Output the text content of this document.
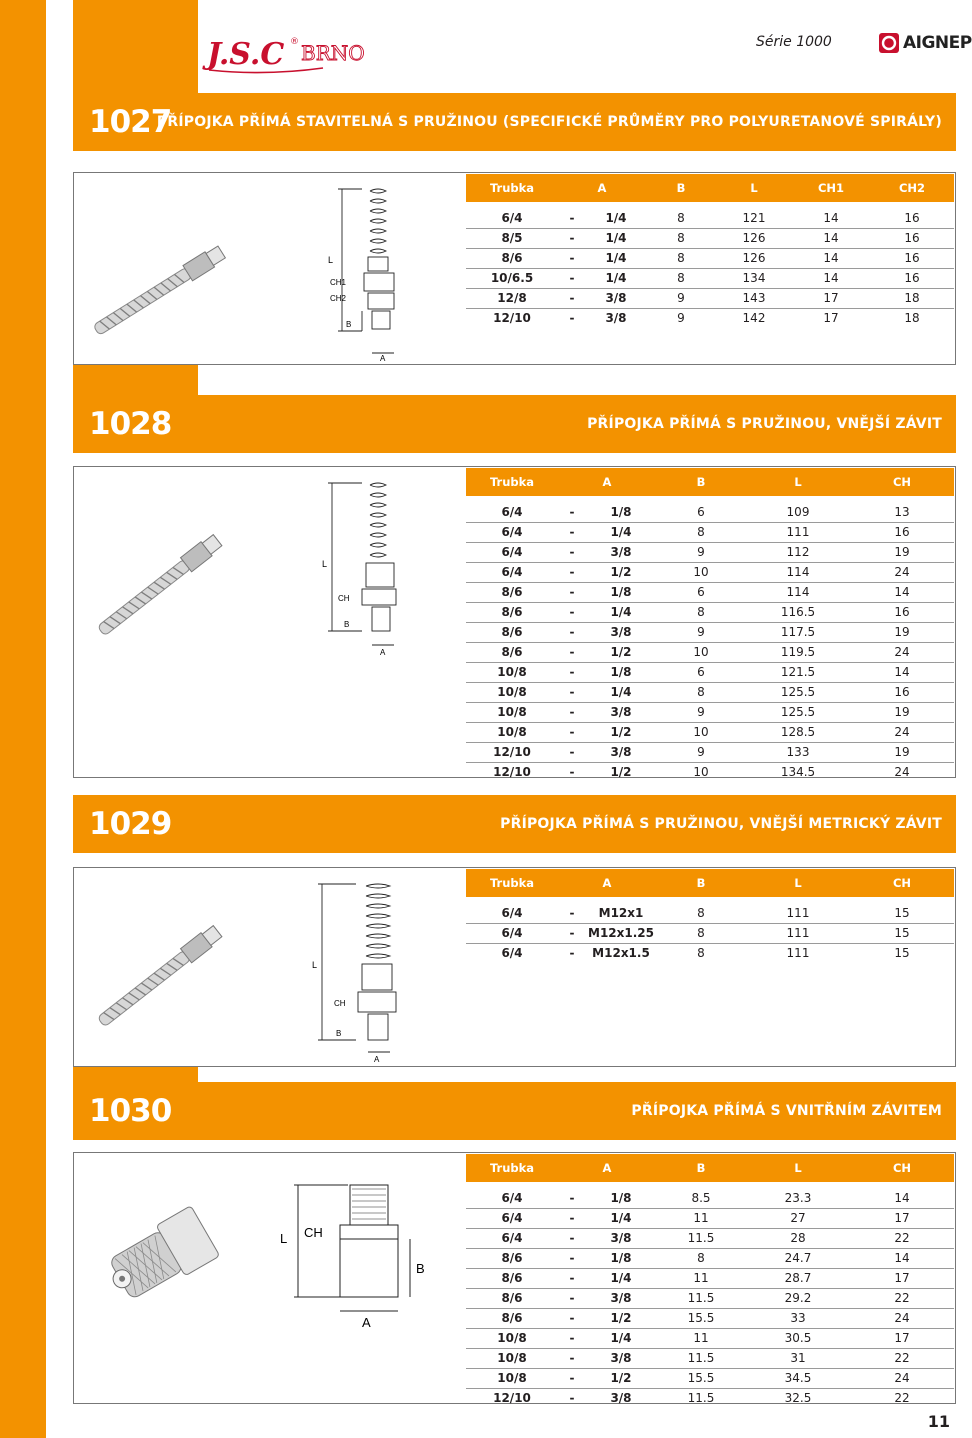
J.S.C ® BRNO	Série 1000	AIGNEP
1027
PŘÍPOJKA PŘÍMÁ STAVITELNÁ S PRUŽINOU (SPECIFICKÉ PRŮMĚRY PRO POLYURETANOVÉ SPIRÁLY)
L
CH1
CH2
B
A
Trubka	A		B	L	CH1	CH2
6/4	-	1/4	8	121	14	16
8/5	-	1/4	8	126	14	16
8/6	-	1/4	8	126	14	16
10/6.5	-	1/4	8	134	14	16
12/8	-	3/8	9	143	17	18
12/10	-	3/8	9	142	17	18
1028	PŘÍPOJKA PŘÍMÁ S PRUŽINOU, VNĚJŠÍ ZÁVIT
L
CH
B
A
Trubka	A		B	L	CH
6/4	-	1/8	6	109	13
6/4	-	1/4	8	111	16
6/4	-	3/8	9	112	19
6/4	-	1/2	10	114	24
8/6	-	1/8	6	114	14
8/6	-	1/4	8	116.5	16
8/6	-	3/8	9	117.5	19
8/6	-	1/2	10	119.5	24
10/8	-	1/8	6	121.5	14
10/8	-	1/4	8	125.5	16
10/8	-	3/8	9	125.5	19
10/8	-	1/2	10	128.5	24
12/10	-	3/8	9	133	19
12/10	-	1/2	10	134.5	24
1029	PŘÍPOJKA PŘÍMÁ S PRUŽINOU, VNĚJŠÍ METRICKÝ ZÁVIT
L
CH
B
A
Trubka	A		B	L	CH
6/4	-	M12x1	8	111	15
6/4	-	M12x1.25	8	111	15
6/4	-	M12x1.5	8	111	15
1030	PŘÍPOJKA PŘÍMÁ S VNITŘNÍM ZÁVITEM
L CH
A
B
Trubka	A		B	L	CH
6/4	-	1/8	8.5	23.3	14
6/4	-	1/4	11	27	17
6/4	-	3/8	11.5	28	22
8/6	-	1/8	8	24.7	14
8/6	-	1/4	11	28.7	17
8/6	-	3/8	11.5	29.2	22
8/6	-	1/2	15.5	33	24
10/8	-	1/4	11	30.5	17
10/8	-	3/8	11.5	31	22
10/8	-	1/2	15.5	34.5	24
12/10	-	3/8	11.5	32.5	22
11
